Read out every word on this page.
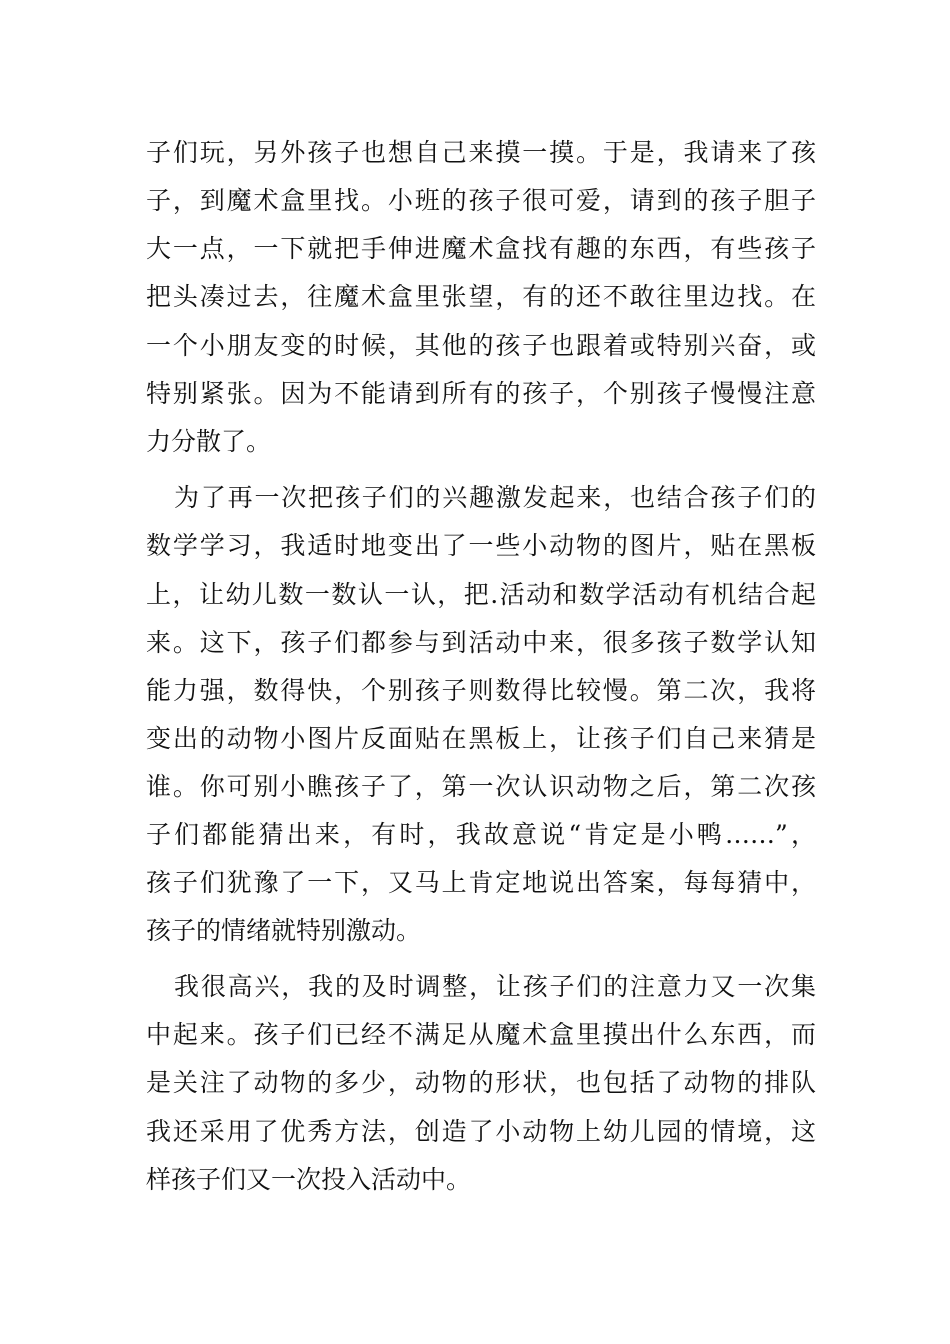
子们玩，另外孩子也想自己来摸一摸。于是，我请来了孩
子，到魔术盒里找。小班的孩子很可爱，请到的孩子胆子
大一点，一下就把手伸进魔术盒找有趣的东西，有些孩子
把头凑过去，往魔术盒里张望，有的还不敢往里边找。在
一个小朋友变的时候，其他的孩子也跟着或特别兴奋，或
特别紧张。因为不能请到所有的孩子，个别孩子慢慢注意
力分散了。
为了再一次把孩子们的兴趣激发起来，也结合孩子们的
数学学习，我适时地变出了一些小动物的图片，贴在黑板
上，让幼儿数一数认一认，把.活动和数学活动有机结合起
来。这下，孩子们都参与到活动中来，很多孩子数学认知
能力强，数得快，个别孩子则数得比较慢。第二次，我将
变出的动物小图片反面贴在黑板上，让孩子们自己来猜是
谁。你可别小瞧孩子了，第一次认识动物之后，第二次孩
子们都能猜出来，有时，我故意说“肯定是小鸭……”，
孩子们犹豫了一下，又马上肯定地说出答案，每每猜中，
孩子的情绪就特别激动。
我很高兴，我的及时调整，让孩子们的注意力又一次集
中起来。孩子们已经不满足从魔术盒里摸出什么东西，而
是关注了动物的多少，动物的形状，也包括了动物的排队
我还采用了优秀方法，创造了小动物上幼儿园的情境，这
样孩子们又一次投入活动中。
